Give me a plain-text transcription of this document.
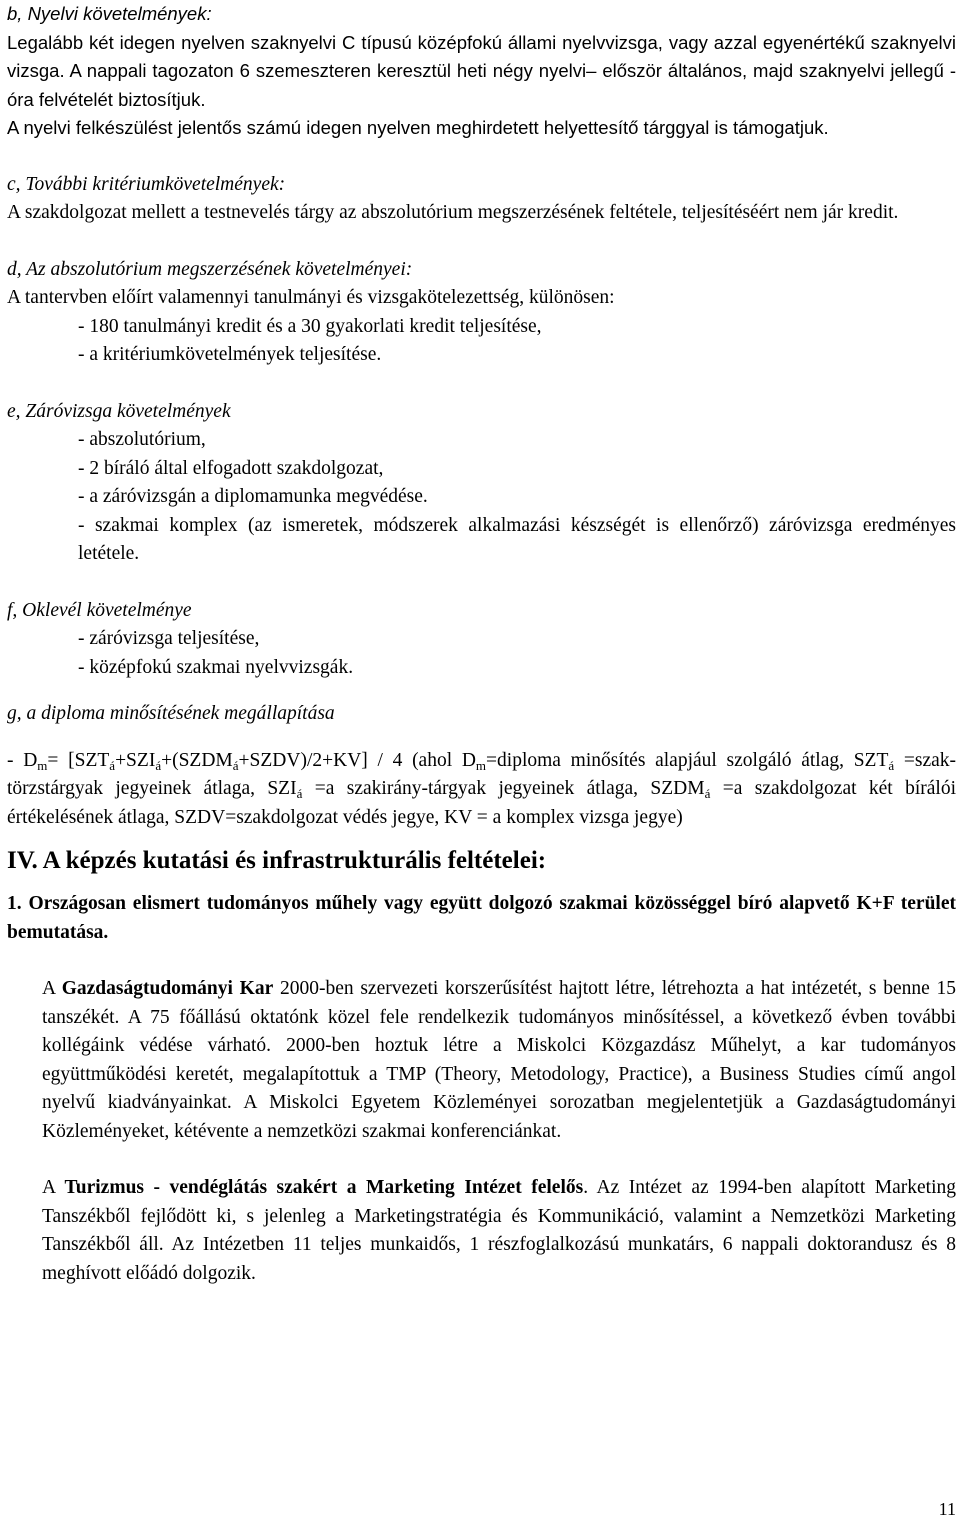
b, Nyelvi követelmények:

Legalább két idegen nyelven szaknyelvi C típusú középfokú állami nyelvvizsga, vagy azzal egyenértékű szaknyelvi vizsga. A nappali tagozaton 6 szemeszteren keresztül heti négy nyelvi– először általános, majd szaknyelvi jellegű - óra felvételét biztosítjuk.

A nyelvi felkészülést jelentős számú idegen nyelven meghirdetett helyettesítő tárggyal is támogatjuk.

c, További kritériumkövetelmények:

A szakdolgozat mellett a testnevelés tárgy az abszolutórium megszerzésének feltétele, teljesítéséért nem jár kredit.

d, Az abszolutórium megszerzésének követelményei:

A tantervben előírt valamennyi tanulmányi és vizsgakötelezettség, különösen:

- 180 tanulmányi kredit és a 30 gyakorlati kredit teljesítése,

- a kritériumkövetelmények teljesítése.

e, Záróvizsga követelmények

- abszolutórium,

- 2 bíráló által elfogadott szakdolgozat,

- a záróvizsgán a diplomamunka megvédése.

- szakmai komplex (az ismeretek, módszerek alkalmazási készségét is ellenőrző) záróvizsga eredményes letétele.

f, Oklevél követelménye

- záróvizsga teljesítése,

- középfokú szakmai nyelvvizsgák.

g, a diploma minősítésének megállapítása

- $D_m=$ $[SZT_á+SZI_á+(SZDM_á+SZDV)/2+KV] / 4$ (ahol $D_m=diploma$ minősítés alapjául szolgáló átlag, $SZT_á$ =szak-törzstárgyak jegyeinek átlaga, $SZI_á =a$ szakirány-tárgyak jegyeinek átlaga, $SZDM_á =a$ szakdolgozat két bírálói értékelésének átlaga, SZDV=szakdolgozat védés jegye, KV = a komplex vizsga jegye)

IV. A képzés kutatási és infrastrukturális feltételei:

1. Országosan elismert tudományos műhely vagy együtt dolgozó szakmai közösséggel bíró alapvető K+F terület bemutatása.

A Gazdaságtudományi Kar 2000-ben szervezeti korszerűsítést hajtott létre, létrehozta a hat intézetét, s benne 15 tanszékét. A 75 főállású oktatónk közel fele rendelkezik tudományos minősítéssel, a következő évben további kollégáink védése várható. 2000-ben hoztuk létre a Miskolci Közgazdász Műhelyt, a kar tudományos együttműködési keretét, megalapítottuk a TMP (Theory, Metodology, Practice), a Business Studies című angol nyelvű kiadványainkat. A Miskolci Egyetem Közleményei sorozatban megjelentetjük a Gazdaságtudományi Közleményeket, kétévente a nemzetközi szakmai konferenciánkat.

A Turizmus - vendéglátás szakért a Marketing Intézet felelős. Az Intézet az 1994-ben alapított Marketing Tanszékből fejlődött ki, s jelenleg a Marketingstratégia és Kommunikáció, valamint a Nemzetközi Marketing Tanszékből áll. Az Intézetben 11 teljes munkaidős, 1 részfoglalkozású munkatárs, 6 nappali doktorandusz és 8 meghívott előádó dolgozik.

11
